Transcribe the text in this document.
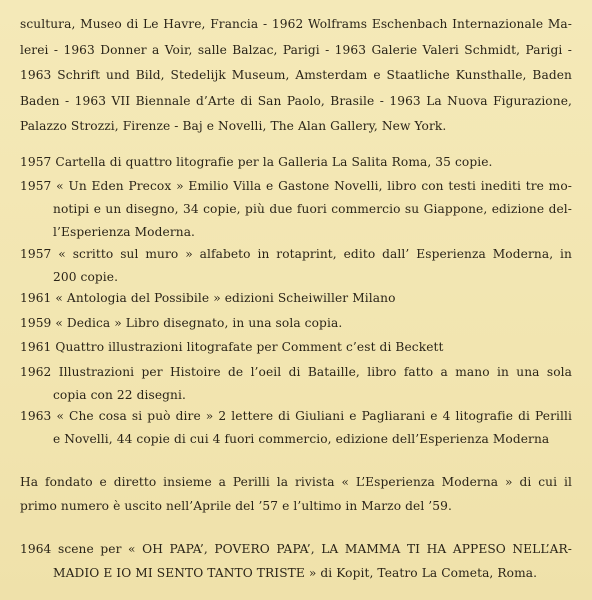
scultura, Museo di Le Havre, Francia - 1962 Wolframs Eschenbach Internazionale Ma-
lerei - 1963 Donner a Voir, salle Balzac, Parigi - 1963 Galerie Valeri Schmidt, Parigi -
1963 Schrift und Bild, Stedelijk Museum, Amsterdam e Staatliche Kunsthalle, Baden
Baden - 1963 VII Biennale d’Arte di San Paolo, Brasile - 1963 La Nuova Figurazione,
Palazzo Strozzi, Firenze - Baj e Novelli, The Alan Gallery, New York.
1957 Cartella di quattro litografie per la Galleria La Salita Roma, 35 copie.
1957 « Un Eden Precox » Emilio Villa e Gastone Novelli, libro con testi inediti tre mo-
notipi e un disegno, 34 copie, più due fuori commercio su Giappone, edizione del-
l’Esperienza Moderna.
1957 « scritto sul muro » alfabeto in rotaprint, edito dall’ Esperienza Moderna, in
200 copie.
1961 « Antologia del Possibile » edizioni Scheiwiller Milano
1959 « Dedica » Libro disegnato, in una sola copia.
1961 Quattro illustrazioni litografate per Comment c’est di Beckett
1962 Illustrazioni per Histoire de l’oeil di Bataille, libro fatto a mano in una sola
copia con 22 disegni.
1963 « Che cosa si può dire » 2 lettere di Giuliani e Pagliarani e 4 litografie di Perilli
e Novelli, 44 copie di cui 4 fuori commercio, edizione dell’Esperienza Moderna
Ha fondato e diretto insieme a Perilli la rivista « L’Esperienza Moderna » di cui il
primo numero è uscito nell’Aprile del ’57 e l’ultimo in Marzo del ’59.
1964 scene per « OH PAPA’, POVERO PAPA’, LA MAMMA TI HA APPESO NELL’AR-
MADIO E IO MI SENTO TANTO TRISTE » di Kopit, Teatro La Cometa, Roma.
